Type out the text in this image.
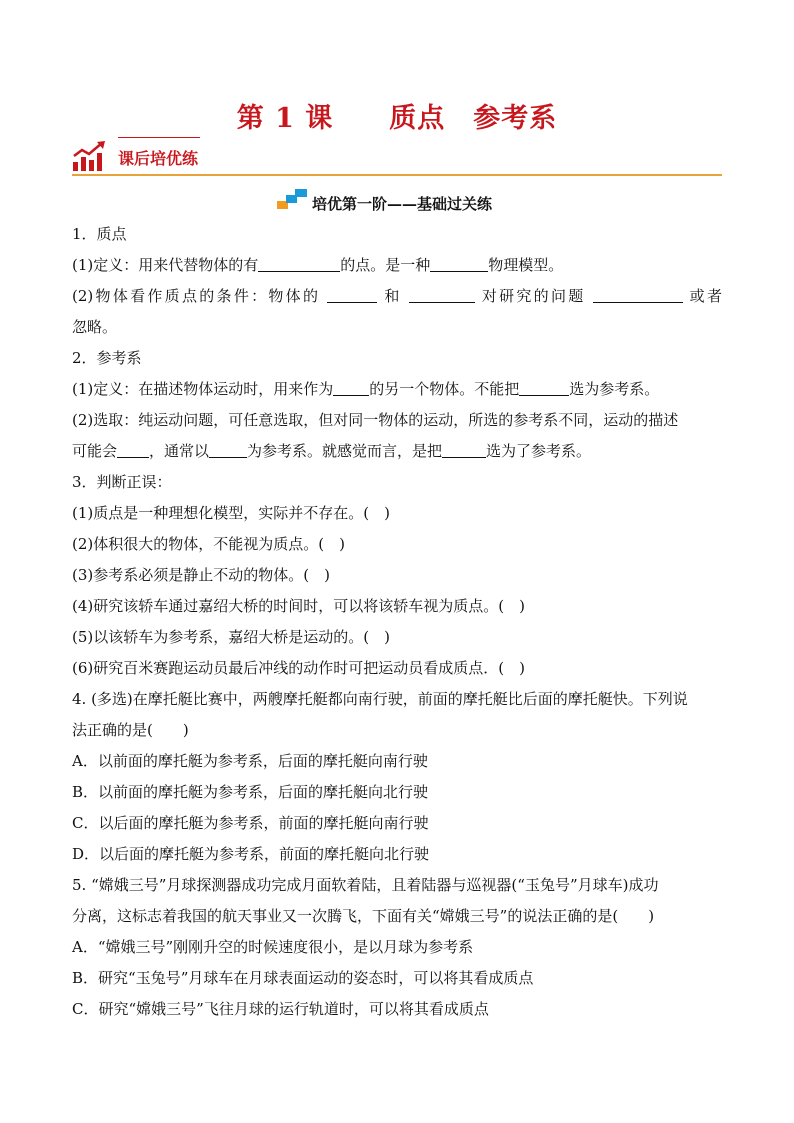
第 1 课　　质点　参考系
课后培优练
培优第一阶——基础过关练
1．质点
(1)定义：用来代替物体的有	的点。是一种	物理模型。
(2)物体看作质点的条件：物体的	和	对研究的问题	或者
忽略。
2．参考系
(1)定义：在描述物体运动时，用来作为 的另一个物体。不能把	选为参考系。
(2)选取：纯运动问题，可任意选取，但对同一物体的运动，所选的参考系不同，运动的描述
可能会 ，通常以	为参考系。就感觉而言，是把	选为了参考系。
3．判断正误：
(1)质点是一种理想化模型，实际并不存在。(　)
(2)体积很大的物体，不能视为质点。(　)
(3)参考系必须是静止不动的物体。(　)
(4)研究该轿车通过嘉绍大桥的时间时，可以将该轿车视为质点。(　)
(5)以该轿车为参考系，嘉绍大桥是运动的。(　)
(6)研究百米赛跑运动员最后冲线的动作时可把运动员看成质点．(　)
4. (多选)在摩托艇比赛中，两艘摩托艇都向南行驶，前面的摩托艇比后面的摩托艇快。下列说
法正确的是(　　)
A．以前面的摩托艇为参考系，后面的摩托艇向南行驶
B．以前面的摩托艇为参考系，后面的摩托艇向北行驶
C．以后面的摩托艇为参考系，前面的摩托艇向南行驶
D．以后面的摩托艇为参考系，前面的摩托艇向北行驶
5. “嫦娥三号”月球探测器成功完成月面软着陆，且着陆器与巡视器(“玉兔号”月球车)成功
分离，这标志着我国的航天事业又一次腾飞，下面有关“嫦娥三号”的说法正确的是(　　)
A．“嫦娥三号”刚刚升空的时候速度很小，是以月球为参考系
B．研究“玉兔号”月球车在月球表面运动的姿态时，可以将其看成质点
C．研究“嫦娥三号”飞往月球的运行轨道时，可以将其看成质点
